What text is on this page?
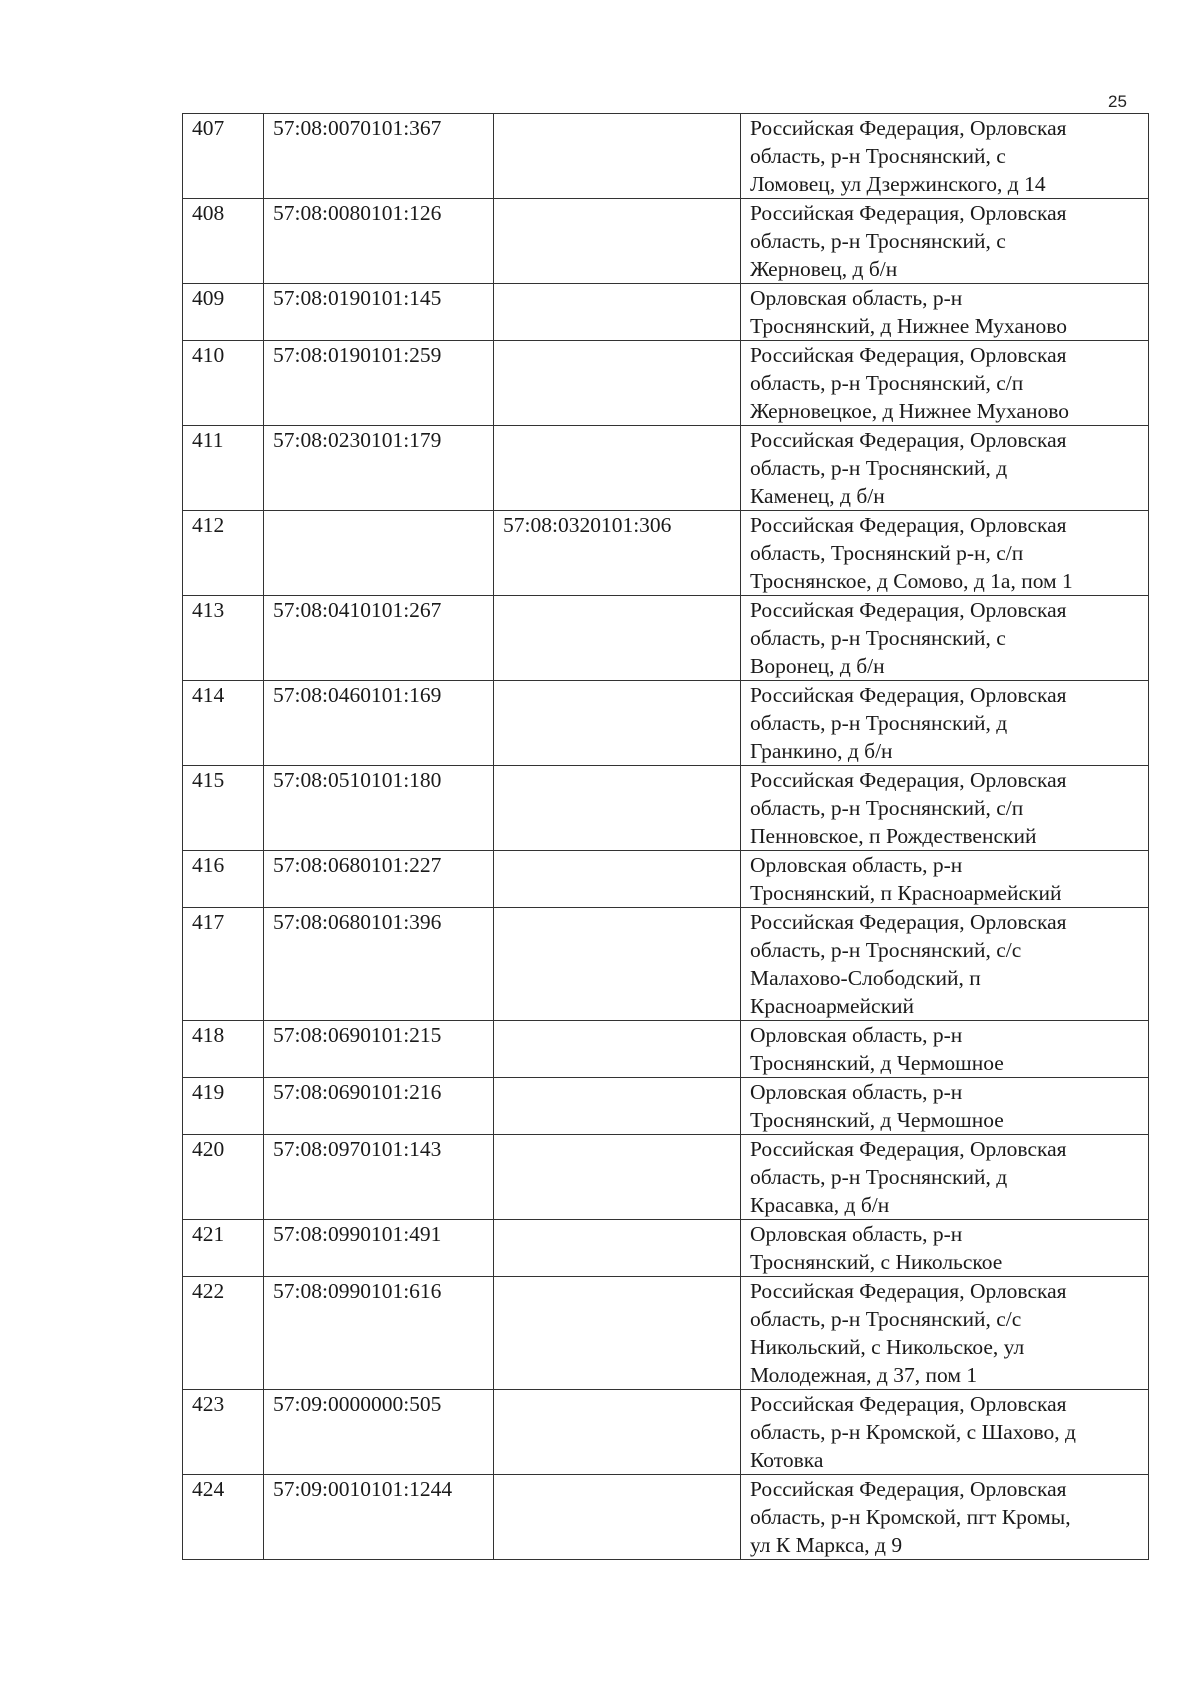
25
407	57:08:0070101:367		Российская Федерация, Орловская
область, р-н Троснянский, с
Ломовец, ул Дзержинского, д 14

408	57:08:0080101:126		Российская Федерация, Орловская
область, р-н Троснянский, с
Жерновец, д б/н

409	57:08:0190101:145		Орловская область, р-н
Троснянский, д Нижнее Муханово

410	57:08:0190101:259		Российская Федерация, Орловская
область, р-н Троснянский, с/п
Жерновецкое, д Нижнее Муханово

411	57:08:0230101:179		Российская Федерация, Орловская
область, р-н Троснянский, д
Каменец, д б/н

412		57:08:0320101:306	Российская Федерация, Орловская
область, Троснянский р-н, с/п
Троснянское, д Сомово, д 1а, пом 1

413	57:08:0410101:267		Российская Федерация, Орловская
область, р-н Троснянский, с
Воронец, д б/н

414	57:08:0460101:169		Российская Федерация, Орловская
область, р-н Троснянский, д
Гранкино, д б/н

415	57:08:0510101:180		Российская Федерация, Орловская
область, р-н Троснянский, с/п
Пенновское, п Рождественский

416	57:08:0680101:227		Орловская область, р-н
Троснянский, п Красноармейский

417	57:08:0680101:396		Российская Федерация, Орловская
область, р-н Троснянский, с/с
Малахово-Слободский, п
Красноармейский

418	57:08:0690101:215		Орловская область, р-н
Троснянский, д Чермошное

419	57:08:0690101:216		Орловская область, р-н
Троснянский, д Чермошное

420	57:08:0970101:143		Российская Федерация, Орловская
область, р-н Троснянский, д
Красавка, д б/н

421	57:08:0990101:491		Орловская область, р-н
Троснянский, с Никольское

422	57:08:0990101:616		Российская Федерация, Орловская
область, р-н Троснянский, с/с
Никольский, с Никольское, ул
Молодежная, д 37, пом 1

423	57:09:0000000:505		Российская Федерация, Орловская
область, р-н Кромской, с Шахово, д
Котовка

424	57:09:0010101:1244		Российская Федерация, Орловская
область, р-н Кромской, пгт Кромы,
ул К Маркса, д 9
